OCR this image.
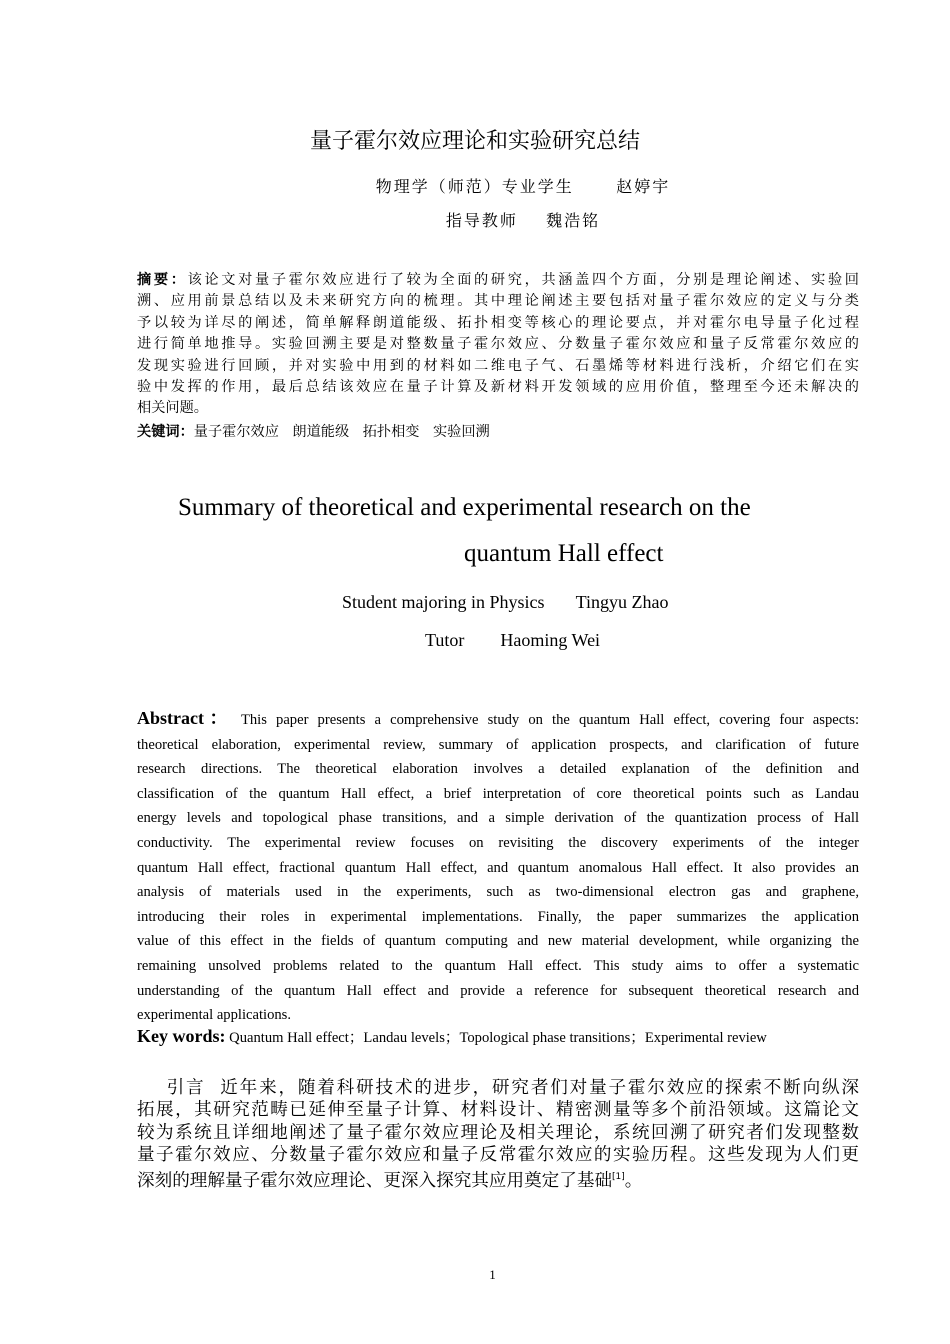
量子霍尔效应理论和实验研究总结
物理学（师范）专业学生      赵婷宇
指导教师    魏浩铭
摘要：该论文对量子霍尔效应进行了较为全面的研究，共涵盖四个方面，分别是理论阐述、实验回
溯、应用前景总结以及未来研究方向的梳理。其中理论阐述主要包括对量子霍尔效应的定义与分类
予以较为详尽的阐述，简单解释朗道能级、拓扑相变等核心的理论要点，并对霍尔电导量子化过程
进行简单地推导。实验回溯主要是对整数量子霍尔效应、分数量子霍尔效应和量子反常霍尔效应的
发现实验进行回顾，并对实验中用到的材料如二维电子气、石墨烯等材料进行浅析，介绍它们在实
验中发挥的作用，最后总结该效应在量子计算及新材料开发领域的应用价值，整理至今还未解决的
相关问题。
关键词：量子霍尔效应   朗道能级   拓扑相变   实验回溯
Summary of theoretical and experimental research on the
quantum Hall effect
Student majoring in Physics       Tingyu Zhao
Tutor        Haoming Wei
Abstract： This paper presents a comprehensive study on the quantum Hall effect, covering four aspects:
theoretical elaboration, experimental review, summary of application prospects, and clarification of future
research directions. The theoretical elaboration involves a detailed explanation of the definition and
classification of the quantum Hall effect, a brief interpretation of core theoretical points such as Landau
energy levels and topological phase transitions, and a simple derivation of the quantization process of Hall
conductivity. The experimental review focuses on revisiting the discovery experiments of the integer
quantum Hall effect, fractional quantum Hall effect, and quantum anomalous Hall effect. It also provides an
analysis of materials used in the experiments, such as two-dimensional electron gas and graphene,
introducing their roles in experimental implementations. Finally, the paper summarizes the application
value of this effect in the fields of quantum computing and new material development, while organizing the
remaining unsolved problems related to the quantum Hall effect. This study aims to offer a systematic
understanding of the quantum Hall effect and provide a reference for subsequent theoretical research and
experimental applications.
Key words: Quantum Hall effect；Landau levels；Topological phase transitions；Experimental review
引言  近年来，随着科研技术的进步，研究者们对量子霍尔效应的探索不断向纵深
拓展，其研究范畴已延伸至量子计算、材料设计、精密测量等多个前沿领域。这篇论文
较为系统且详细地阐述了量子霍尔效应理论及相关理论，系统回溯了研究者们发现整数
量子霍尔效应、分数量子霍尔效应和量子反常霍尔效应的实验历程。这些发现为人们更
深刻的理解量子霍尔效应理论、更深入探究其应用奠定了基础[1]。
1
